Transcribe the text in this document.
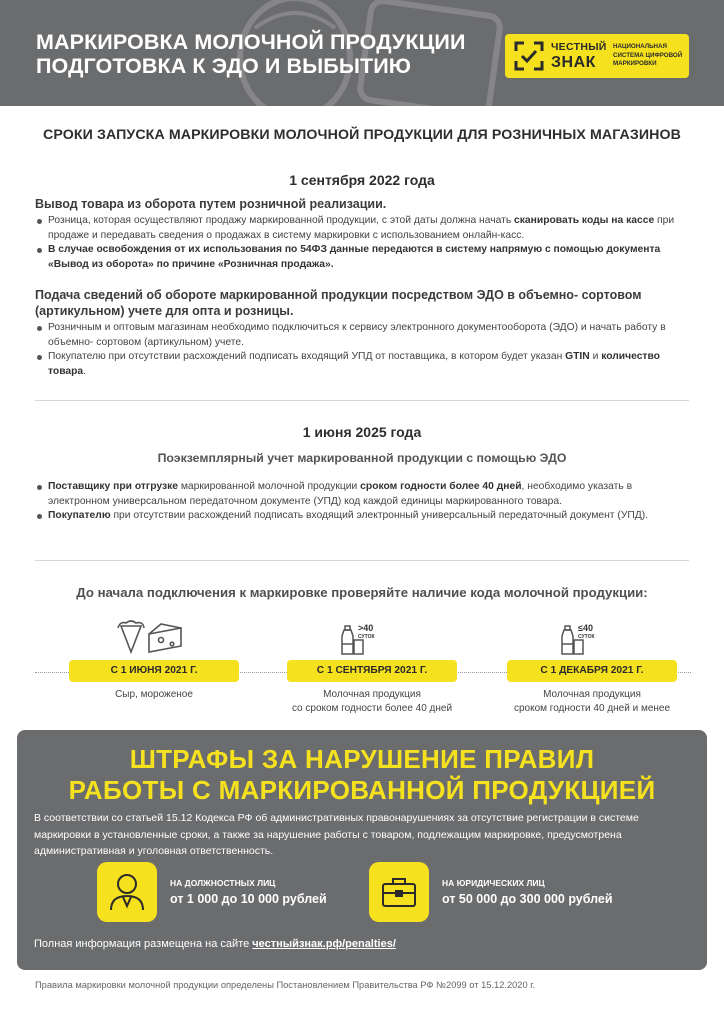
МАРКИРОВКА МОЛОЧНОЙ ПРОДУКЦИИ
ПОДГОТОВКА К ЭДО И ВЫБЫТИЮ
ЧЕСТНЫЙ
ЗНАК
НАЦИОНАЛЬНАЯ
СИСТЕМА ЦИФРОВОЙ
МАРКИРОВКИ
СРОКИ ЗАПУСКА МАРКИРОВКИ МОЛОЧНОЙ ПРОДУКЦИИ ДЛЯ РОЗНИЧНЫХ МАГАЗИНОВ
1 сентября 2022 года
Вывод товара из оборота путем розничной реализации.
Розница, которая осуществляют продажу маркированной продукции, с этой даты должна начать сканировать коды на кассе при продаже и передавать сведения о продажах в систему маркировки с использованием онлайн-касс.
В случае освобождения от их использования по 54ФЗ данные передаются в систему напрямую с помощью документа «Вывод из оборота» по причине «Розничная продажа».
Подача сведений об обороте маркированной продукции посредством ЭДО в объемно- сортовом (артикульном) учете для опта и розницы.
Розничным и оптовым магазинам необходимо подключиться к сервису электронного документооборота (ЭДО) и начать работу в объемно- сортовом (артикульном) учете.
Покупателю при отсутствии расхождений подписать входящий УПД от поставщика, в котором будет указан GTIN и количество товара.
1 июня 2025 года
Поэкземплярный учет маркированной продукции с помощью ЭДО
Поставщику при отгрузке маркированной молочной продукции сроком годности более 40 дней, необходимо указать в электронном универсальном передаточном документе (УПД) код каждой единицы маркированного товара.
Покупателю при отсутствии расхождений подписать входящий электронный универсальный передаточный документ (УПД).
До начала подключения к маркировке проверяйте наличие кода молочной продукции:
С 1 ИЮНЯ 2021 Г.
Сыр, мороженое
>40
СУТОК
С 1 СЕНТЯБРЯ 2021 Г.
Молочная продукция
со сроком годности более 40 дней
≤40
СУТОК
С 1 ДЕКАБРЯ 2021 Г.
Молочная продукция
сроком годности 40 дней и менее
ШТРАФЫ ЗА НАРУШЕНИЕ ПРАВИЛ
РАБОТЫ С МАРКИРОВАННОЙ ПРОДУКЦИЕЙ
В соответствии со статьей 15.12 Кодекса РФ об административных правонарушениях за отсутствие регистрации в системе маркировки в установленные сроки, а также за нарушение работы с товаром, подлежащим маркировке, предусмотрена административная и уголовная ответственность.
НА ДОЛЖНОСТНЫХ ЛИЦ
от 1 000 до 10 000 рублей
НА ЮРИДИЧЕСКИХ ЛИЦ
от 50 000 до 300 000 рублей
Полная информация размещена на сайте честныйзнак.рф/penalties/
Правила маркировки молочной продукции определены Постановлением Правительства РФ №2099 от 15.12.2020 г.
